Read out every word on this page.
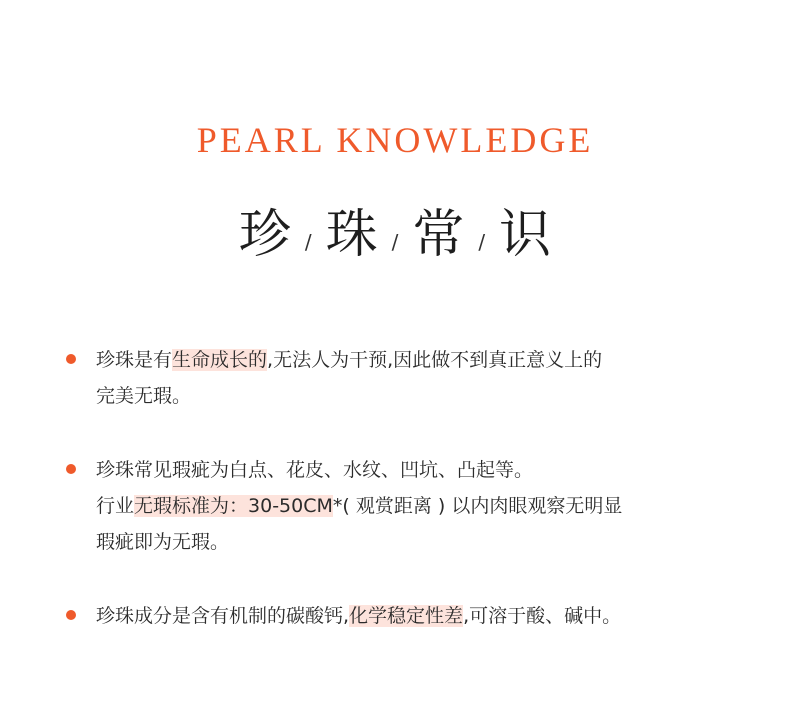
PEARL KNOWLEDGE
珍 / 珠 / 常 / 识
珍珠是有生命成长的,无法人为干预,因此做不到真正意义上的
完美无瑕。
珍珠常见瑕疵为白点、花皮、水纹、凹坑、凸起等。
行业无瑕标准为：30-50CM*( 观赏距离 ) 以内肉眼观察无明显
瑕疵即为无瑕。
珍珠成分是含有机制的碳酸钙,化学稳定性差,可溶于酸、碱中。
